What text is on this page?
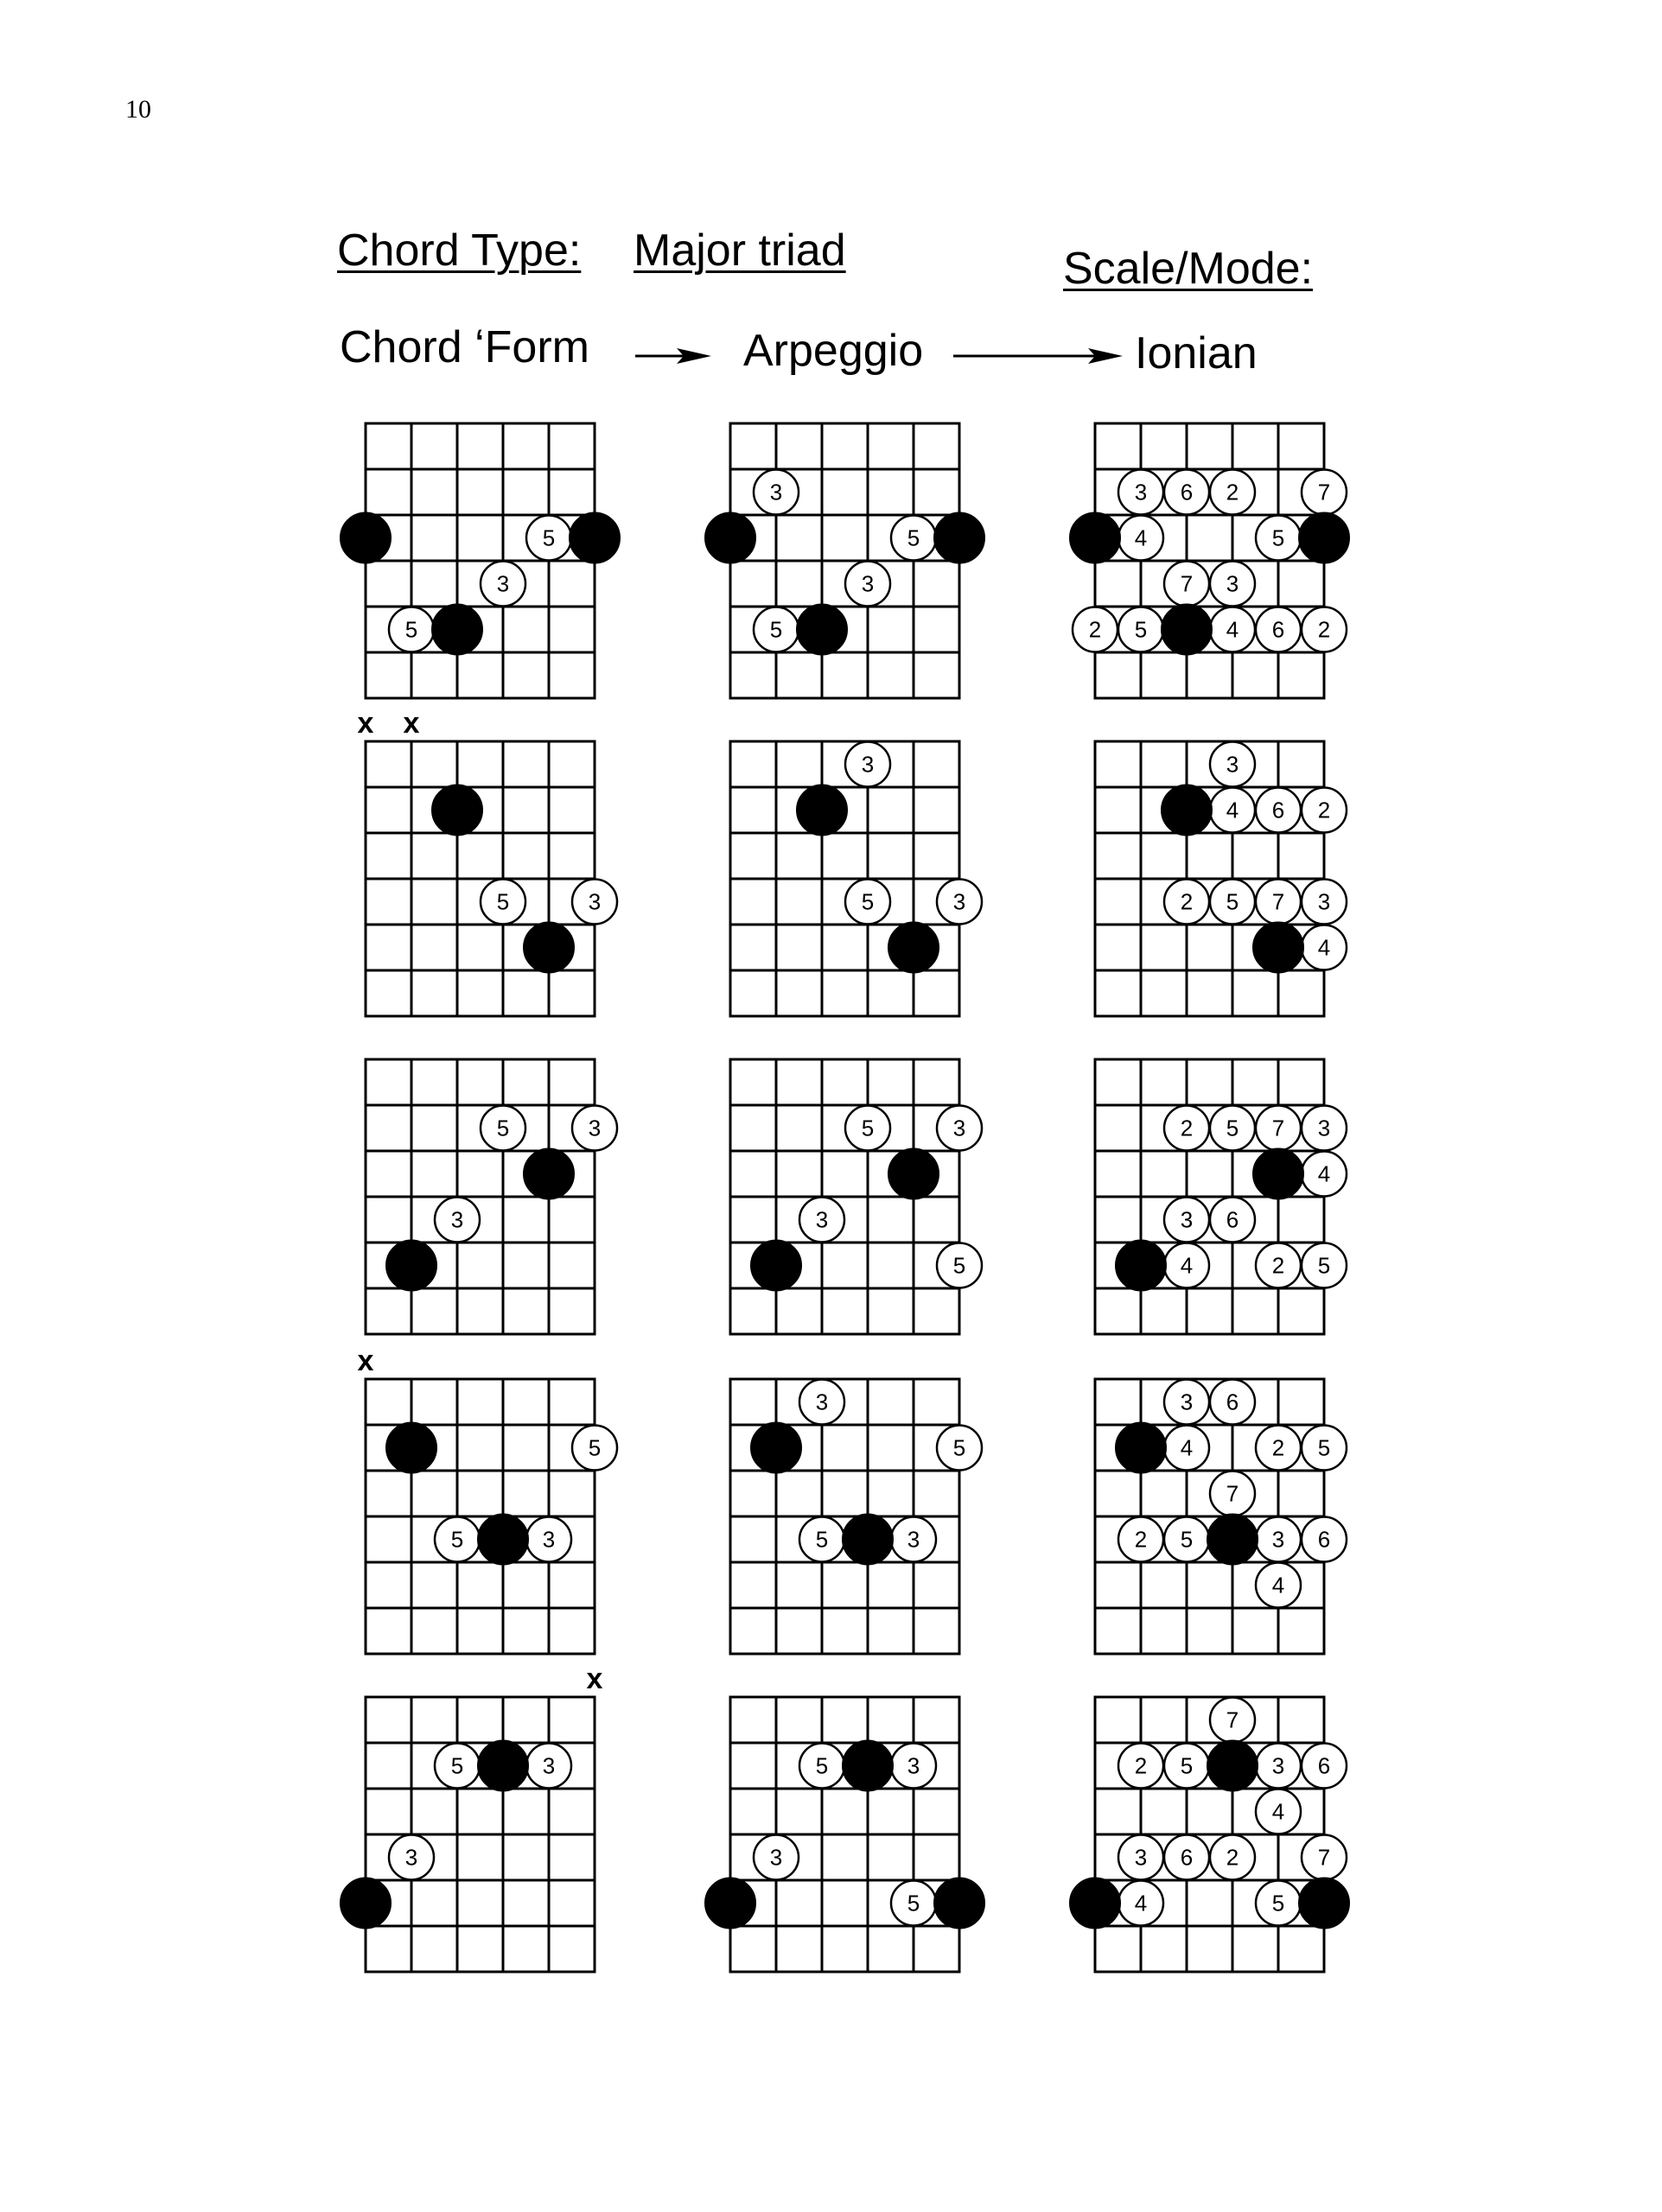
10
Chord Type: Major triad	Scale/Mode:
Chord ʻForm	Arpeggio	Ionian
5
3
5
3
5
3
5
3 6 2	7
4	5
7 3
2 5	4 6 2
x x
5	3
3
5	3
3
4 6 2
2 5 7 3
4
5	3
3
5	3
3
5
2 5 7 3
4
3 6
4	2 5
x
5
5	3
3
5
5	3
3 6
4	2 5
7
2 5	3 6
4
x
5	3
3
5	3
3
5
7
2 5	3 6
4
3 6 2	7
4	5
